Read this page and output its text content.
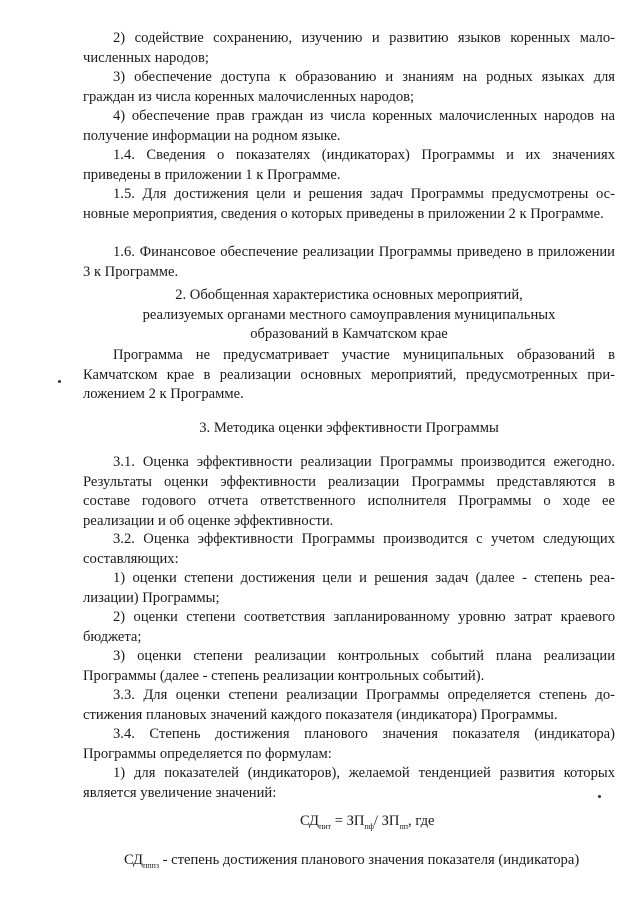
2) содействие сохранению, изучению и развитию языков коренных малочисленных народов;

3) обеспечение доступа к образованию и знаниям на родных языках для граждан из числа коренных малочисленных народов;

4) обеспечение прав граждан из числа коренных малочисленных народов на получение информации на родном языке.

1.4. Сведения о показателях (индикаторах) Программы и их значениях приведены в приложении 1 к Программе.

1.5. Для достижения цели и решения задач Программы предусмотрены основные мероприятия, сведения о которых приведены в приложении 2 к Программе.

1.6. Финансовое обеспечение реализации Программы приведено в приложении 3 к Программе.

2. Обобщенная характеристика основных мероприятий,
реализуемых органами местного самоуправления муниципальных
образований в Камчатском крае

Программа не предусматривает участие муниципальных образований в Камчатском крае в реализации основных мероприятий, предусмотренных приложением 2 к Программе.

3. Методика оценки эффективности Программы

3.1. Оценка эффективности реализации Программы производится ежегодно. Результаты оценки эффективности реализации Программы представляются в составе годового отчета ответственного исполнителя Программы о ходе ее реализации и об оценке эффективности.

3.2. Оценка эффективности Программы производится с учетом следующих составляющих:

1) оценки степени достижения цели и решения задач (далее - степень реализации) Программы;

2) оценки степени соответствия запланированному уровню затрат краевого бюджета;

3) оценки степени реализации контрольных событий плана реализации Программы (далее - степень реализации контрольных событий).

3.3. Для оценки степени реализации Программы определяется степень достижения плановых значений каждого показателя (индикатора) Программы.

3.4. Степень достижения планового значения показателя (индикатора) Программы определяется по формулам:

$СД_{пит} = ЗП_{пф}/$ $ЗП_{пп}$, где
$СД_{пппз}$ - степень достижения планового значения показателя (индикатора)

1) для показателей (индикаторов), желаемой тенденцией развития которых является увеличение значений:
